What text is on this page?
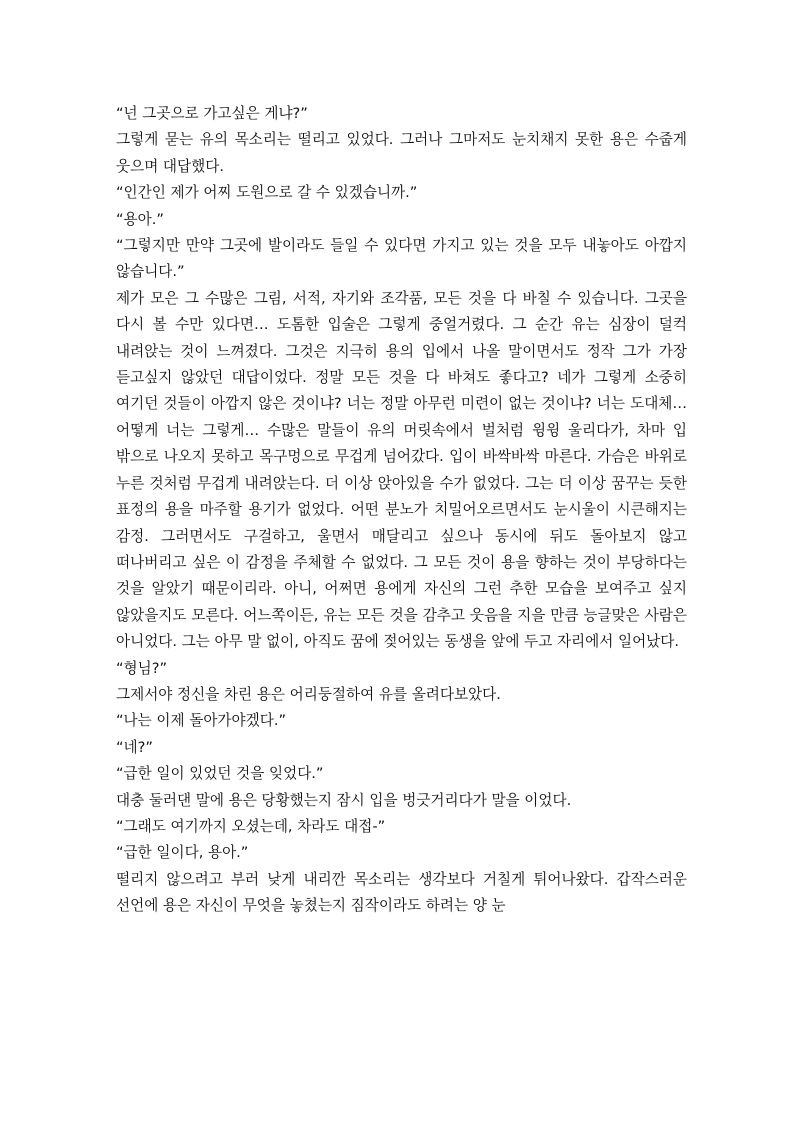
“넌 그곳으로 가고싶은 게냐?”

그렇게 묻는 유의 목소리는 떨리고 있었다. 그러나 그마저도 눈치채지 못한 용은 수줍게 웃으며 대답했다.

“인간인 제가 어찌 도원으로 갈 수 있겠습니까.”

“용아.”

“그렇지만 만약 그곳에 발이라도 들일 수 있다면 가지고 있는 것을 모두 내놓아도 아깝지 않습니다.”

제가 모은 그 수많은 그림, 서적, 자기와 조각품, 모든 것을 다 바칠 수 있습니다. 그곳을 다시 볼 수만 있다면… 도톰한 입술은 그렇게 중얼거렸다. 그 순간 유는 심장이 덜컥 내려앉는 것이 느껴졌다. 그것은 지극히 용의 입에서 나올 말이면서도 정작 그가 가장 듣고싶지 않았던 대답이었다. 정말 모든 것을 다 바쳐도 좋다고? 네가 그렇게 소중히 여기던 것들이 아깝지 않은 것이냐? 너는 정말 아무런 미련이 없는 것이냐? 너는 도대체… 어떻게 너는 그렇게… 수많은 말들이 유의 머릿속에서 벌처럼 윙윙 울리다가, 차마 입 밖으로 나오지 못하고 목구멍으로 무겁게 넘어갔다. 입이 바싹바싹 마른다. 가슴은 바위로 누른 것처럼 무겁게 내려앉는다. 더 이상 앉아있을 수가 없었다. 그는 더 이상 꿈꾸는 듯한 표정의 용을 마주할 용기가 없었다. 어떤 분노가 치밀어오르면서도 눈시울이 시큰해지는 감정. 그러면서도 구걸하고, 울면서 매달리고 싶으나 동시에 뒤도 돌아보지 않고 떠나버리고 싶은 이 감정을 주체할 수 없었다. 그 모든 것이 용을 향하는 것이 부당하다는 것을 알았기 때문이리라. 아니, 어쩌면 용에게 자신의 그런 추한 모습을 보여주고 싶지 않았을지도 모른다. 어느쪽이든, 유는 모든 것을 감추고 웃음을 지을 만큼 능글맞은 사람은 아니었다. 그는 아무 말 없이, 아직도 꿈에 젖어있는 동생을 앞에 두고 자리에서 일어났다.

“형님?”

그제서야 정신을 차린 용은 어리둥절하여 유를 올려다보았다.

“나는 이제 돌아가야겠다.”

“네?”

“급한 일이 있었던 것을 잊었다.”

대충 둘러댄 말에 용은 당황했는지 잠시 입을 벙긋거리다가 말을 이었다.

“그래도 여기까지 오셨는데, 차라도 대접-”

“급한 일이다, 용아.”

떨리지 않으려고 부러 낮게 내리깐 목소리는 생각보다 거칠게 튀어나왔다. 갑작스러운 선언에 용은 자신이 무엇을 놓쳤는지 짐작이라도 하려는 양 눈
